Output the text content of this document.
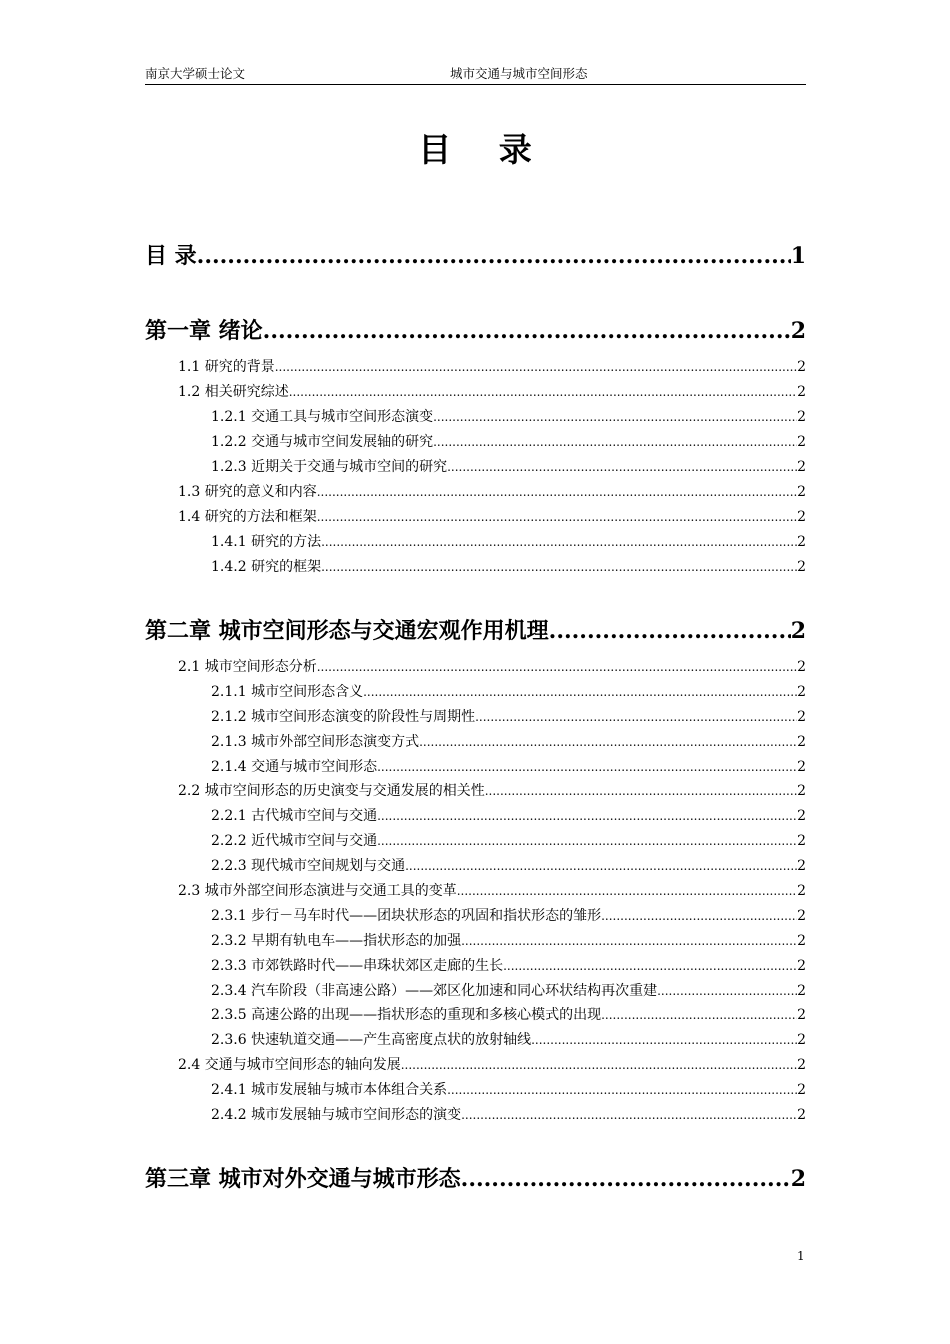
南京大学硕士论文	城市交通与城市空间形态
目 录
目 录 .....	1
第一章 绪论 .....	2
1.1 研究的背景 .....	2
1.2 相关研究综述 .....	2
1.2.1 交通工具与城市空间形态演变 .....	2
1.2.2 交通与城市空间发展轴的研究 .....	2
1.2.3 近期关于交通与城市空间的研究 .....	2
1.3 研究的意义和内容 .....	2
1.4 研究的方法和框架 .....	2
1.4.1 研究的方法 .....	2
1.4.2 研究的框架 .....	2
第二章 城市空间形态与交通宏观作用机理 .....	2
2.1 城市空间形态分析 .....	2
2.1.1 城市空间形态含义 .....	2
2.1.2 城市空间形态演变的阶段性与周期性 .....	2
2.1.3 城市外部空间形态演变方式 .....	2
2.1.4 交通与城市空间形态 .....	2
2.2 城市空间形态的历史演变与交通发展的相关性 .....	2
2.2.1 古代城市空间与交通 .....	2
2.2.2 近代城市空间与交通 .....	2
2.2.3 现代城市空间规划与交通 .....	2
2.3 城市外部空间形态演进与交通工具的变革 .....	2
2.3.1 步行－马车时代——团块状形态的巩固和指状形态的雏形 .....	2
2.3.2 早期有轨电车——指状形态的加强 .....	2
2.3.3 市郊铁路时代——串珠状郊区走廊的生长 .....	2
2.3.4 汽车阶段（非高速公路）——郊区化加速和同心环状结构再次重建 .....	2
2.3.5 高速公路的出现——指状形态的重现和多核心模式的出现 .....	2
2.3.6 快速轨道交通——产生高密度点状的放射轴线 .....	2
2.4 交通与城市空间形态的轴向发展 .....	2
2.4.1 城市发展轴与城市本体组合关系 .....	2
2.4.2 城市发展轴与城市空间形态的演变 .....	2
第三章 城市对外交通与城市形态 .....	2
1
